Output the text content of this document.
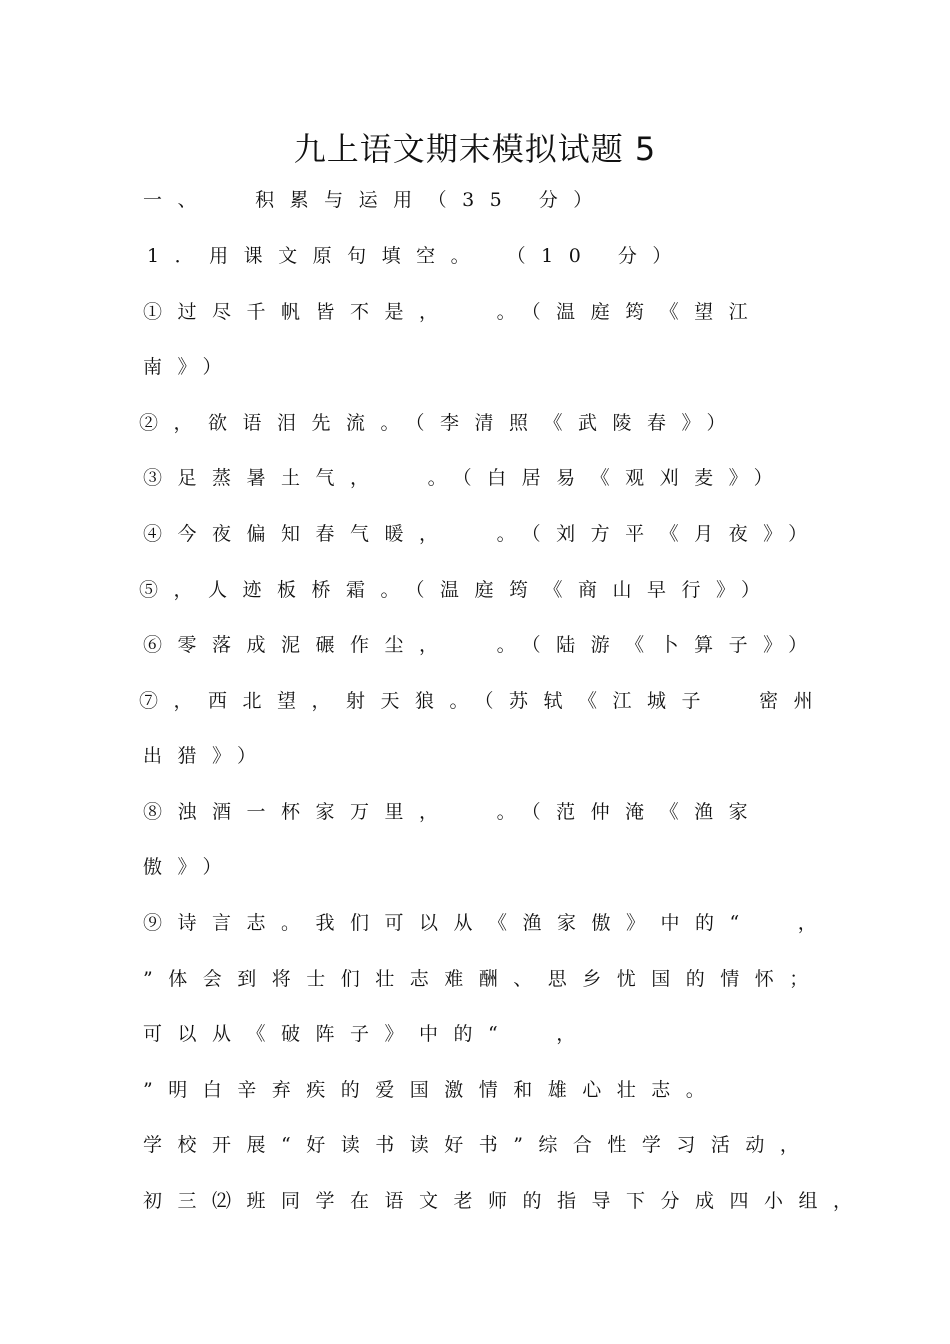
九上语文期末模拟试题 5
一、  积累与运用（35 分）
1．用课文原句填空。 （10 分）
①过尽千帆皆不是，  。（温庭筠《望江
南》）
②，欲语泪先流。（李清照《武陵春》）
③足蒸暑土气，  。（白居易《观刈麦》）
④今夜偏知春气暖，  。（刘方平《月夜》）
⑤，人迹板桥霜。（温庭筠《商山早行》）
⑥零落成泥碾作尘，  。（陆游《卜算子》）
⑦，西北望，射天狼。（苏轼《江城子  密州
出猎》）
⑧浊酒一杯家万里，  。（范仲淹《渔家
傲》）
⑨诗言志。我们可以从《渔家傲》中的“  ，
”体会到将士们壮志难酬、思乡忧国的情怀；
可以从《破阵子》中的“  ，
”明白辛弃疾的爱国激情和雄心壮志。
学校开展“好读书读好书”综合性学习活动，
初三⑵班同学在语文老师的指导下分成四小组，
